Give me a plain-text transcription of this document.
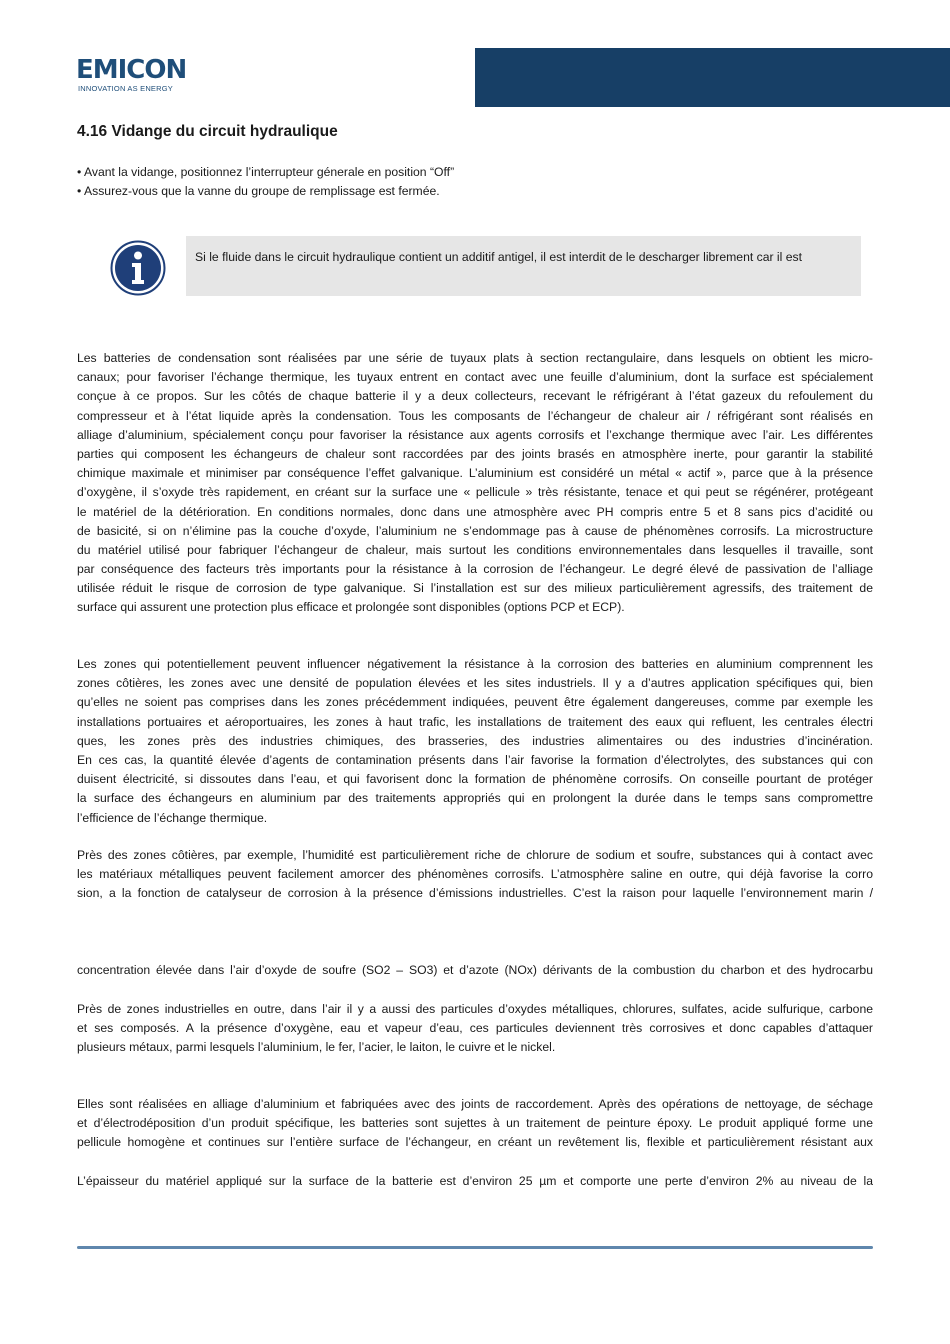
EMICON
INNOVATION AS ENERGY
4.16 Vidange du circuit hydraulique
• Avant la vidange, positionnez l’interrupteur génerale en position “Off”
• Assurez-vous que la vanne du groupe de remplissage est fermée.
Si le fluide dans le circuit hydraulique contient un additif antigel, il est interdit de le descharger librement car il est
Les batteries de condensation sont réalisées par une série de tuyaux plats à section rectangulaire, dans lesquels on obtient les micro-
canaux; pour favoriser l’échange thermique, les tuyaux entrent en contact avec une feuille d’aluminium, dont la surface est spécialement
conçue à ce propos. Sur les côtés de chaque batterie il y a deux collecteurs, recevant le réfrigérant à l’état gazeux du refoulement du
compresseur et à l’état liquide après la condensation. Tous les composants de l’échangeur de chaleur air / réfrigérant sont réalisés en
alliage d’aluminium, spécialement conçu pour favoriser la résistance aux agents corrosifs et l’exchange thermique avec l’air. Les différentes
parties qui composent les échangeurs de chaleur sont raccordées par des joints brasés en atmosphère inerte, pour garantir la stabilité
chimique maximale et minimiser par conséquence l’effet galvanique. L’aluminium est considéré un métal « actif », parce que à la présence
d’oxygène, il s’oxyde très rapidement, en créant sur la surface une « pellicule » très résistante, tenace et qui peut se régénérer, protégeant
le matériel de la détérioration. En conditions normales, donc dans une atmosphère avec PH compris entre 5 et 8 sans pics d’acidité ou
de basicité, si on n’élimine pas la couche d’oxyde, l’aluminium ne s’endommage pas à cause de phénomènes corrosifs. La microstructure
du matériel utilisé pour fabriquer l’échangeur de chaleur, mais surtout les conditions environnementales dans lesquelles il travaille, sont
par conséquence des facteurs très importants pour la résistance à la corrosion de l’échangeur. Le degré élevé de passivation de l’alliage
utilisée réduit le risque de corrosion de type galvanique. Si l’installation est sur des milieux particulièrement agressifs, des traitement de
surface qui assurent une protection plus efficace et prolongée sont disponibles (options PCP et ECP).
Les zones qui potentiellement peuvent influencer négativement la résistance à la corrosion des batteries en aluminium comprennent les
zones côtières, les zones avec une densité de population élevées et les sites industriels. Il y a d’autres application spécifiques qui, bien
qu’elles ne soient pas comprises dans les zones précédemment indiquées, peuvent être également dangereuses, comme par exemple les
installations portuaires et aéroportuaires, les zones à haut trafic, les installations de traitement des eaux qui refluent, les centrales électri
ques, les zones près des industries chimiques, des brasseries, des industries alimentaires ou des industries d’incinération.
En ces cas, la quantité élevée d’agents de contamination présents dans l’air favorise la formation d’électrolytes, des substances qui con
duisent électricité, si dissoutes dans l’eau, et qui favorisent donc la formation de phénomène corrosifs. On conseille pourtant de protéger
la surface des échangeurs en aluminium par des traitements appropriés qui en prolongent la durée dans le temps sans compromettre
l’efficience de l’échange thermique.
Près des zones côtières, par exemple, l’humidité est particulièrement riche de chlorure de sodium et soufre, substances qui à contact avec
les matériaux métalliques peuvent facilement amorcer des phénomènes corrosifs. L’atmosphère saline en outre, qui déjà favorise la corro
sion, a la fonction de catalyseur de corrosion à la présence d’émissions industrielles. C’est la raison pour laquelle l’environnement marin /
concentration élevée dans l’air d’oxyde de soufre (SO2 – SO3) et d’azote (NOx) dérivants de la combustion du charbon et des hydrocarbu
Près de zones industrielles en outre, dans l’air il y a aussi des particules d’oxydes métalliques, chlorures, sulfates, acide sulfurique, carbone
et ses composés. A la présence d’oxygène, eau et vapeur d’eau, ces particules deviennent très corrosives et donc capables d’attaquer
plusieurs métaux, parmi lesquels l’aluminium, le fer, l’acier, le laiton, le cuivre et le nickel.
Elles sont réalisées en alliage d’aluminium et fabriquées avec des joints de raccordement. Après des opérations de nettoyage, de séchage
et d’électrodéposition d’un produit spécifique, les batteries sont sujettes à un traitement de peinture époxy. Le produit appliqué forme une
pellicule homogène et continues sur l’entière surface de l’échangeur, en créant un revêtement lis, flexible et particulièrement résistant aux
L’épaisseur du matériel appliqué sur la surface de la batterie est d’environ 25 µm et comporte une perte d’environ 2% au niveau de la
